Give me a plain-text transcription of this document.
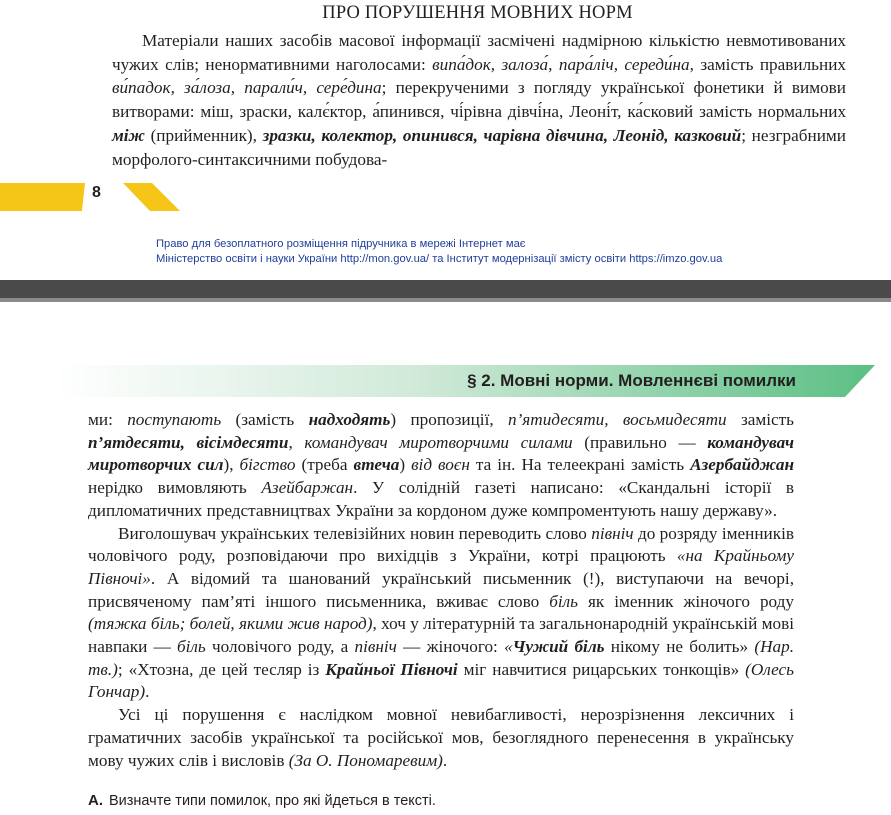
ПРО ПОРУШЕННЯ МОВНИХ НОРМ
Матеріали наших засобів масової інформації засмічені надмірною кількістю невмотивованих чужих слів; ненормативними наголосами: випа́док, залоза́, пара́ліч, середи́на, замість правильних ви́падок, за́лоза, парали́ч, сере́дина; перекрученими з погляду української фонетики й вимови витворами: міш, зраски, калє́ктор, а́пинився, чі́рівна дівчі́на, Леоні́т, ка́сковий замість нормальних між (прийменник), зразки, колектор, опинився, чарівна дівчина, Леонід, казковий; незграбними морфолого-синтаксичними побудова-
8
Право для безоплатного розміщення підручника в мережі Інтернет має
Міністерство освіти і науки України http://mon.gov.ua/ та Інститут модернізації змісту освіти https://imzo.gov.ua
§ 2. Мовні норми. Мовленнєві помилки

ми: поступають (замість надходять) пропозиції, п’ятидесяти, восьмидесяти замість п’ятдесяти, вісімдесяти, командувач миротворчими силами (правильно — командувач миротворчих сил), бігство (треба втеча) від воєн та ін. На телеекрані замість Азербайджан нерідко вимовляють Азейбаржан. У солідній газеті написано: «Скандальні історії в дипломатичних представництвах України за кордоном дуже компроментують нашу державу».

Виголошувач українських телевізійних новин переводить слово північ до розряду іменників чоловічого роду, розповідаючи про вихідців з України, котрі працюють «на Крайньому Півночі». А відомий та шанований український письменник (!), виступаючи на вечорі, присвяченому пам’яті іншого письменника, вживає слово біль як іменник жіночого роду (тяжка біль; болей, якими жив народ), хоч у літературній та загальнонародній українській мові навпаки — біль чоловічого роду, а північ — жіночого: «Чужий біль нікому не болить» (Нар. тв.); «Хтозна, де цей тесляр із Крайньої Півночі міг навчитися рицарських тонкощів» (Олесь Гончар).

Усі ці порушення є наслідком мовної невибагливості, нерозрізнення лексичних і граматичних засобів української та російської мов, безоглядного перенесення в українську мову чужих слів і висловів (За О. Пономаревим).

А. Визначте типи помилок, про які йдеться в тексті.
